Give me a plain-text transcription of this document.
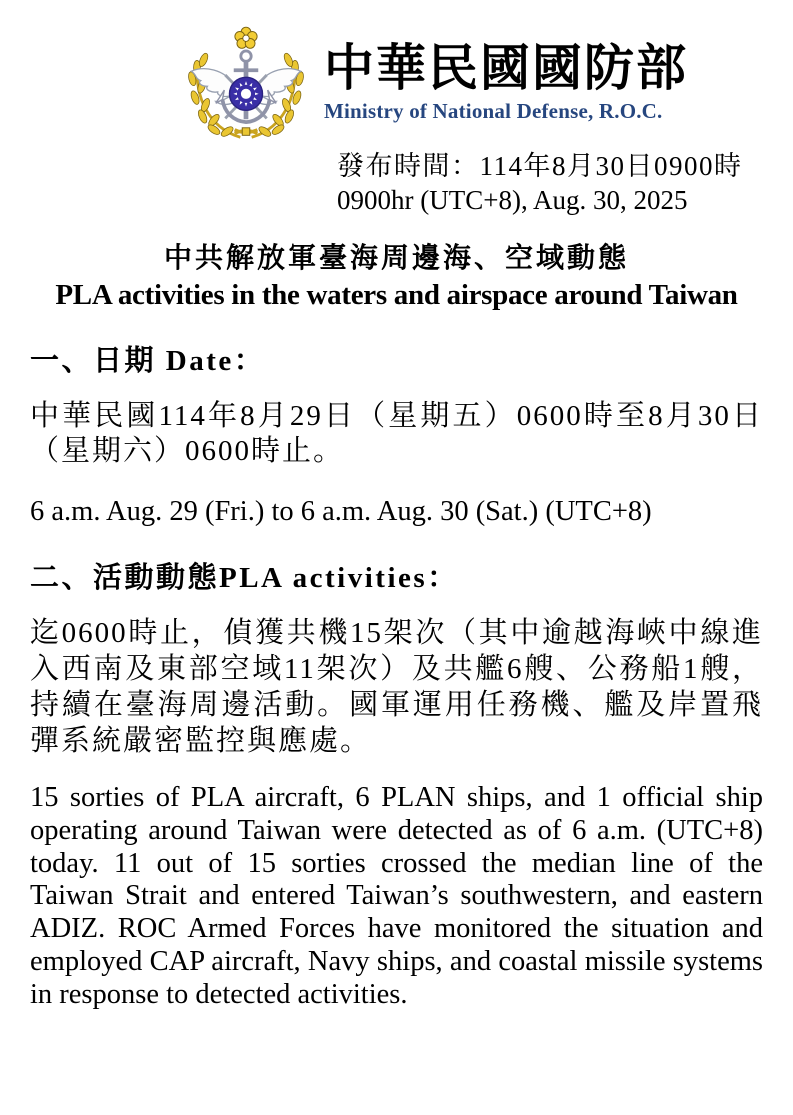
中華民國國防部
Ministry of National Defense, R.O.C.
發布時間：114年8月30日0900時
0900hr (UTC+8), Aug. 30, 2025
中共解放軍臺海周邊海、空域動態
PLA activities in the waters and airspace around Taiwan
一、日期 Date：

中華民國114年8月29日（星期五）0600時至8月30日（星期六）0600時止。

6 a.m. Aug. 29 (Fri.) to 6 a.m. Aug. 30 (Sat.) (UTC+8)

二、活動動態PLA activities：

迄0600時止，偵獲共機15架次（其中逾越海峽中線進入西南及東部空域11架次）及共艦6艘、公務船1艘，持續在臺海周邊活動。國軍運用任務機、艦及岸置飛彈系統嚴密監控與應處。

15 sorties of PLA aircraft, 6 PLAN ships, and 1 official ship operating around Taiwan were detected as of 6 a.m. (UTC+8) today. 11 out of 15 sorties crossed the median line of the Taiwan Strait and entered Taiwan’s southwestern, and eastern ADIZ. ROC Armed Forces have monitored the situation and employed CAP aircraft, Navy ships, and coastal missile systems in response to detected activities.
